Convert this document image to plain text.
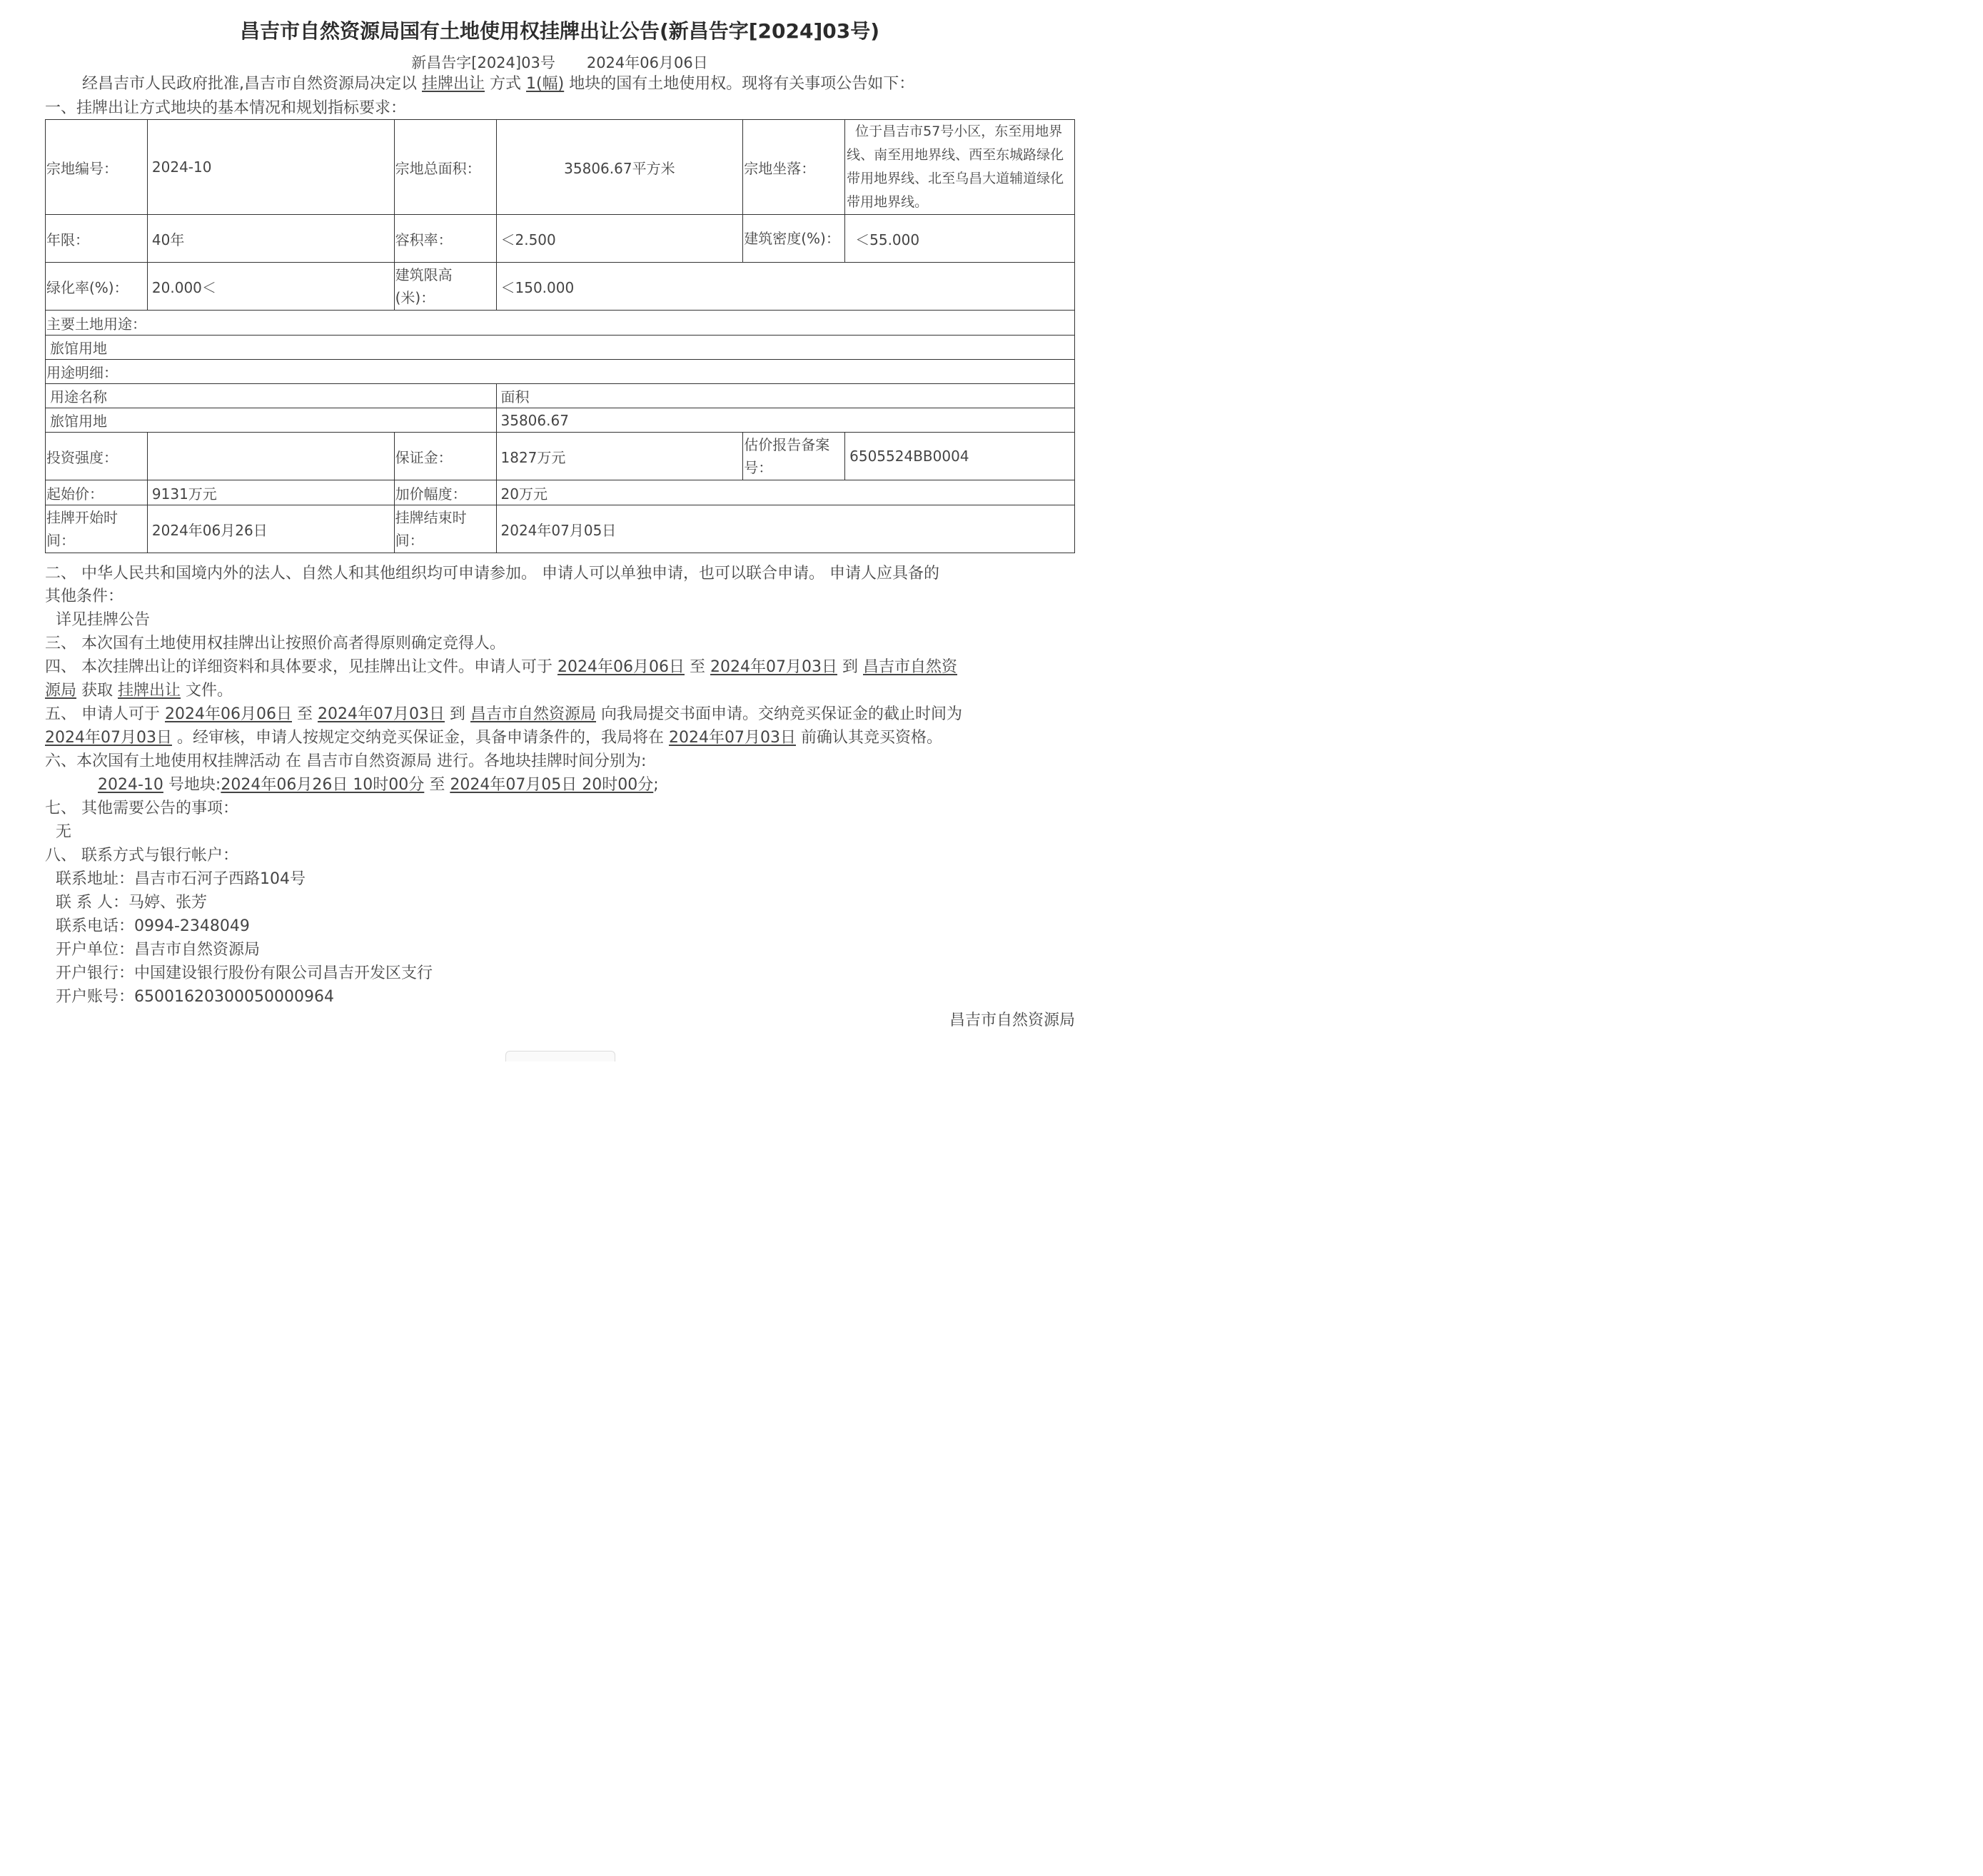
昌吉市自然资源局国有土地使用权挂牌出让公告(新昌告字[2024]03号)
新昌告字[2024]03号 2024年06月06日
经昌吉市人民政府批准,昌吉市自然资源局决定以 挂牌出让 方式 1(幅) 地块的国有土地使用权。现将有关事项公告如下：
一、挂牌出让方式地块的基本情况和规划指标要求：
宗地编号：	2024-10	宗地总面积：	35806.67平方米	宗地坐落：	位于昌吉市57号小区，东至用地界线、南至用地界线、西至东城路绿化带用地界线、北至乌昌大道辅道绿化带用地界线。
年限：	40年	容积率：	＜2.500	建筑密度(%)：	＜55.000
绿化率(%)：	20.000＜	建筑限高(米)：	＜150.000		
主要土地用途：					
旅馆用地					
用途明细：					
用途名称			面积		
旅馆用地			35806.67		
投资强度：		保证金：	1827万元	估价报告备案号：	6505524BB0004
起始价：	9131万元	加价幅度：	20万元		
挂牌开始时间：	2024年06月26日	挂牌结束时间：	2024年07月05日		
二、 中华人民共和国境内外的法人、自然人和其他组织均可申请参加。 申请人可以单独申请，也可以联合申请。 申请人应具备的
其他条件：
详见挂牌公告
三、 本次国有土地使用权挂牌出让按照价高者得原则确定竞得人。
四、 本次挂牌出让的详细资料和具体要求，见挂牌出让文件。申请人可于 2024年06月06日 至 2024年07月03日 到 昌吉市自然资
源局 获取 挂牌出让 文件。
五、 申请人可于 2024年06月06日 至 2024年07月03日 到 昌吉市自然资源局 向我局提交书面申请。交纳竞买保证金的截止时间为
2024年07月03日 。经审核，申请人按规定交纳竞买保证金，具备申请条件的，我局将在 2024年07月03日 前确认其竞买资格。
六、本次国有土地使用权挂牌活动 在 昌吉市自然资源局 进行。各地块挂牌时间分别为:
2024-10 号地块:2024年06月26日 10时00分 至 2024年07月05日 20时00分;
七、 其他需要公告的事项：
无
八、 联系方式与银行帐户：
联系地址：昌吉市石河子西路104号
联 系 人：马婷、张芳
联系电话：0994-2348049
开户单位：昌吉市自然资源局
开户银行：中国建设银行股份有限公司昌吉开发区支行
开户账号：65001620300050000964
昌吉市自然资源局
